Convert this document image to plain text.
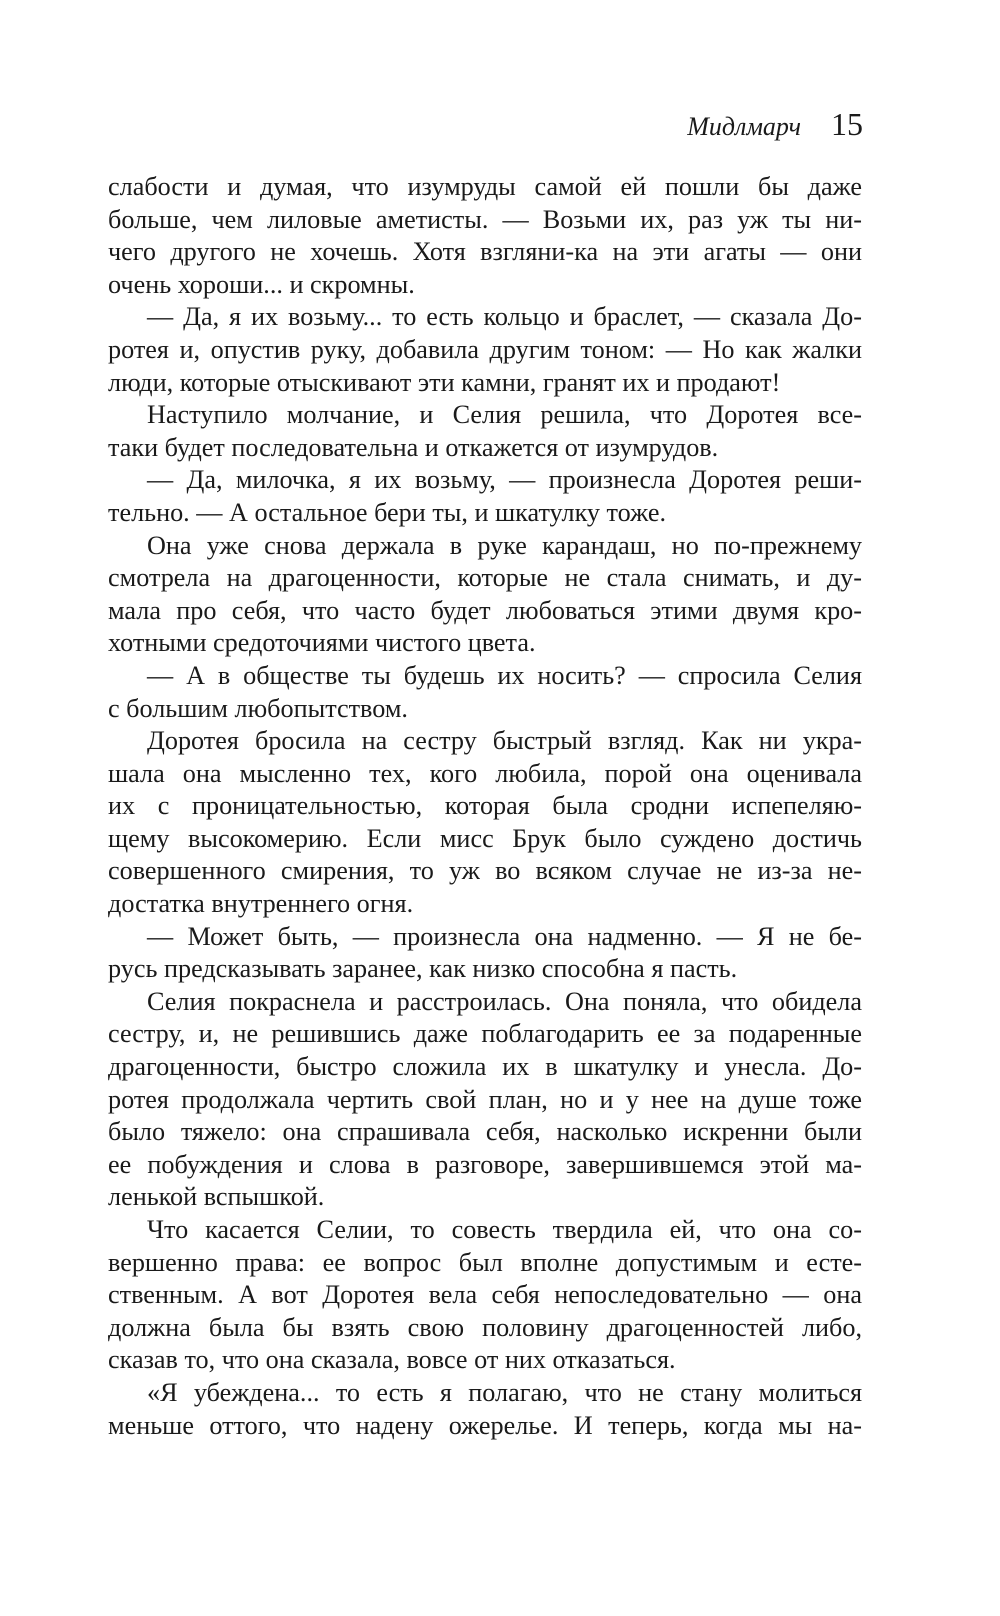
Мидлмарч 15
слабости и думая, что изумруды самой ей пошли бы даже
больше, чем лиловые аметисты. — Возьми их, раз уж ты ни-
чего другого не хочешь. Хотя взгляни-ка на эти агаты — они
очень хороши... и скромны.
— Да, я их возьму... то есть кольцо и браслет, — сказала До-
ротея и, опустив руку, добавила другим тоном: — Но как жалки
люди, которые отыскивают эти камни, гранят их и продают!
Наступило молчание, и Селия решила, что Доротея все-
таки будет последовательна и откажется от изумрудов.
— Да, милочка, я их возьму, — произнесла Доротея реши-
тельно. — А остальное бери ты, и шкатулку тоже.
Она уже снова держала в руке карандаш, но по-прежнему
смотрела на драгоценности, которые не стала снимать, и ду-
мала про себя, что часто будет любоваться этими двумя кро-
хотными средоточиями чистого цвета.
— А в обществе ты будешь их носить? — спросила Селия
с большим любопытством.
Доротея бросила на сестру быстрый взгляд. Как ни укра-
шала она мысленно тех, кого любила, порой она оценивала
их с проницательностью, которая была сродни испепеляю-
щему высокомерию. Если мисс Брук было суждено достичь
совершенного смирения, то уж во всяком случае не из-за не-
достатка внутреннего огня.
— Может быть, — произнесла она надменно. — Я не бе-
русь предсказывать заранее, как низко способна я пасть.
Селия покраснела и расстроилась. Она поняла, что обидела
сестру, и, не решившись даже поблагодарить ее за подаренные
драгоценности, быстро сложила их в шкатулку и унесла. До-
ротея продолжала чертить свой план, но и у нее на душе тоже
было тяжело: она спрашивала себя, насколько искренни были
ее побуждения и слова в разговоре, завершившемся этой ма-
ленькой вспышкой.
Что касается Селии, то совесть твердила ей, что она со-
вершенно права: ее вопрос был вполне допустимым и есте-
ственным. А вот Доротея вела себя непоследовательно — она
должна была бы взять свою половину драгоценностей либо,
сказав то, что она сказала, вовсе от них отказаться.
«Я убеждена... то есть я полагаю, что не стану молиться
меньше оттого, что надену ожерелье. И теперь, когда мы на-
